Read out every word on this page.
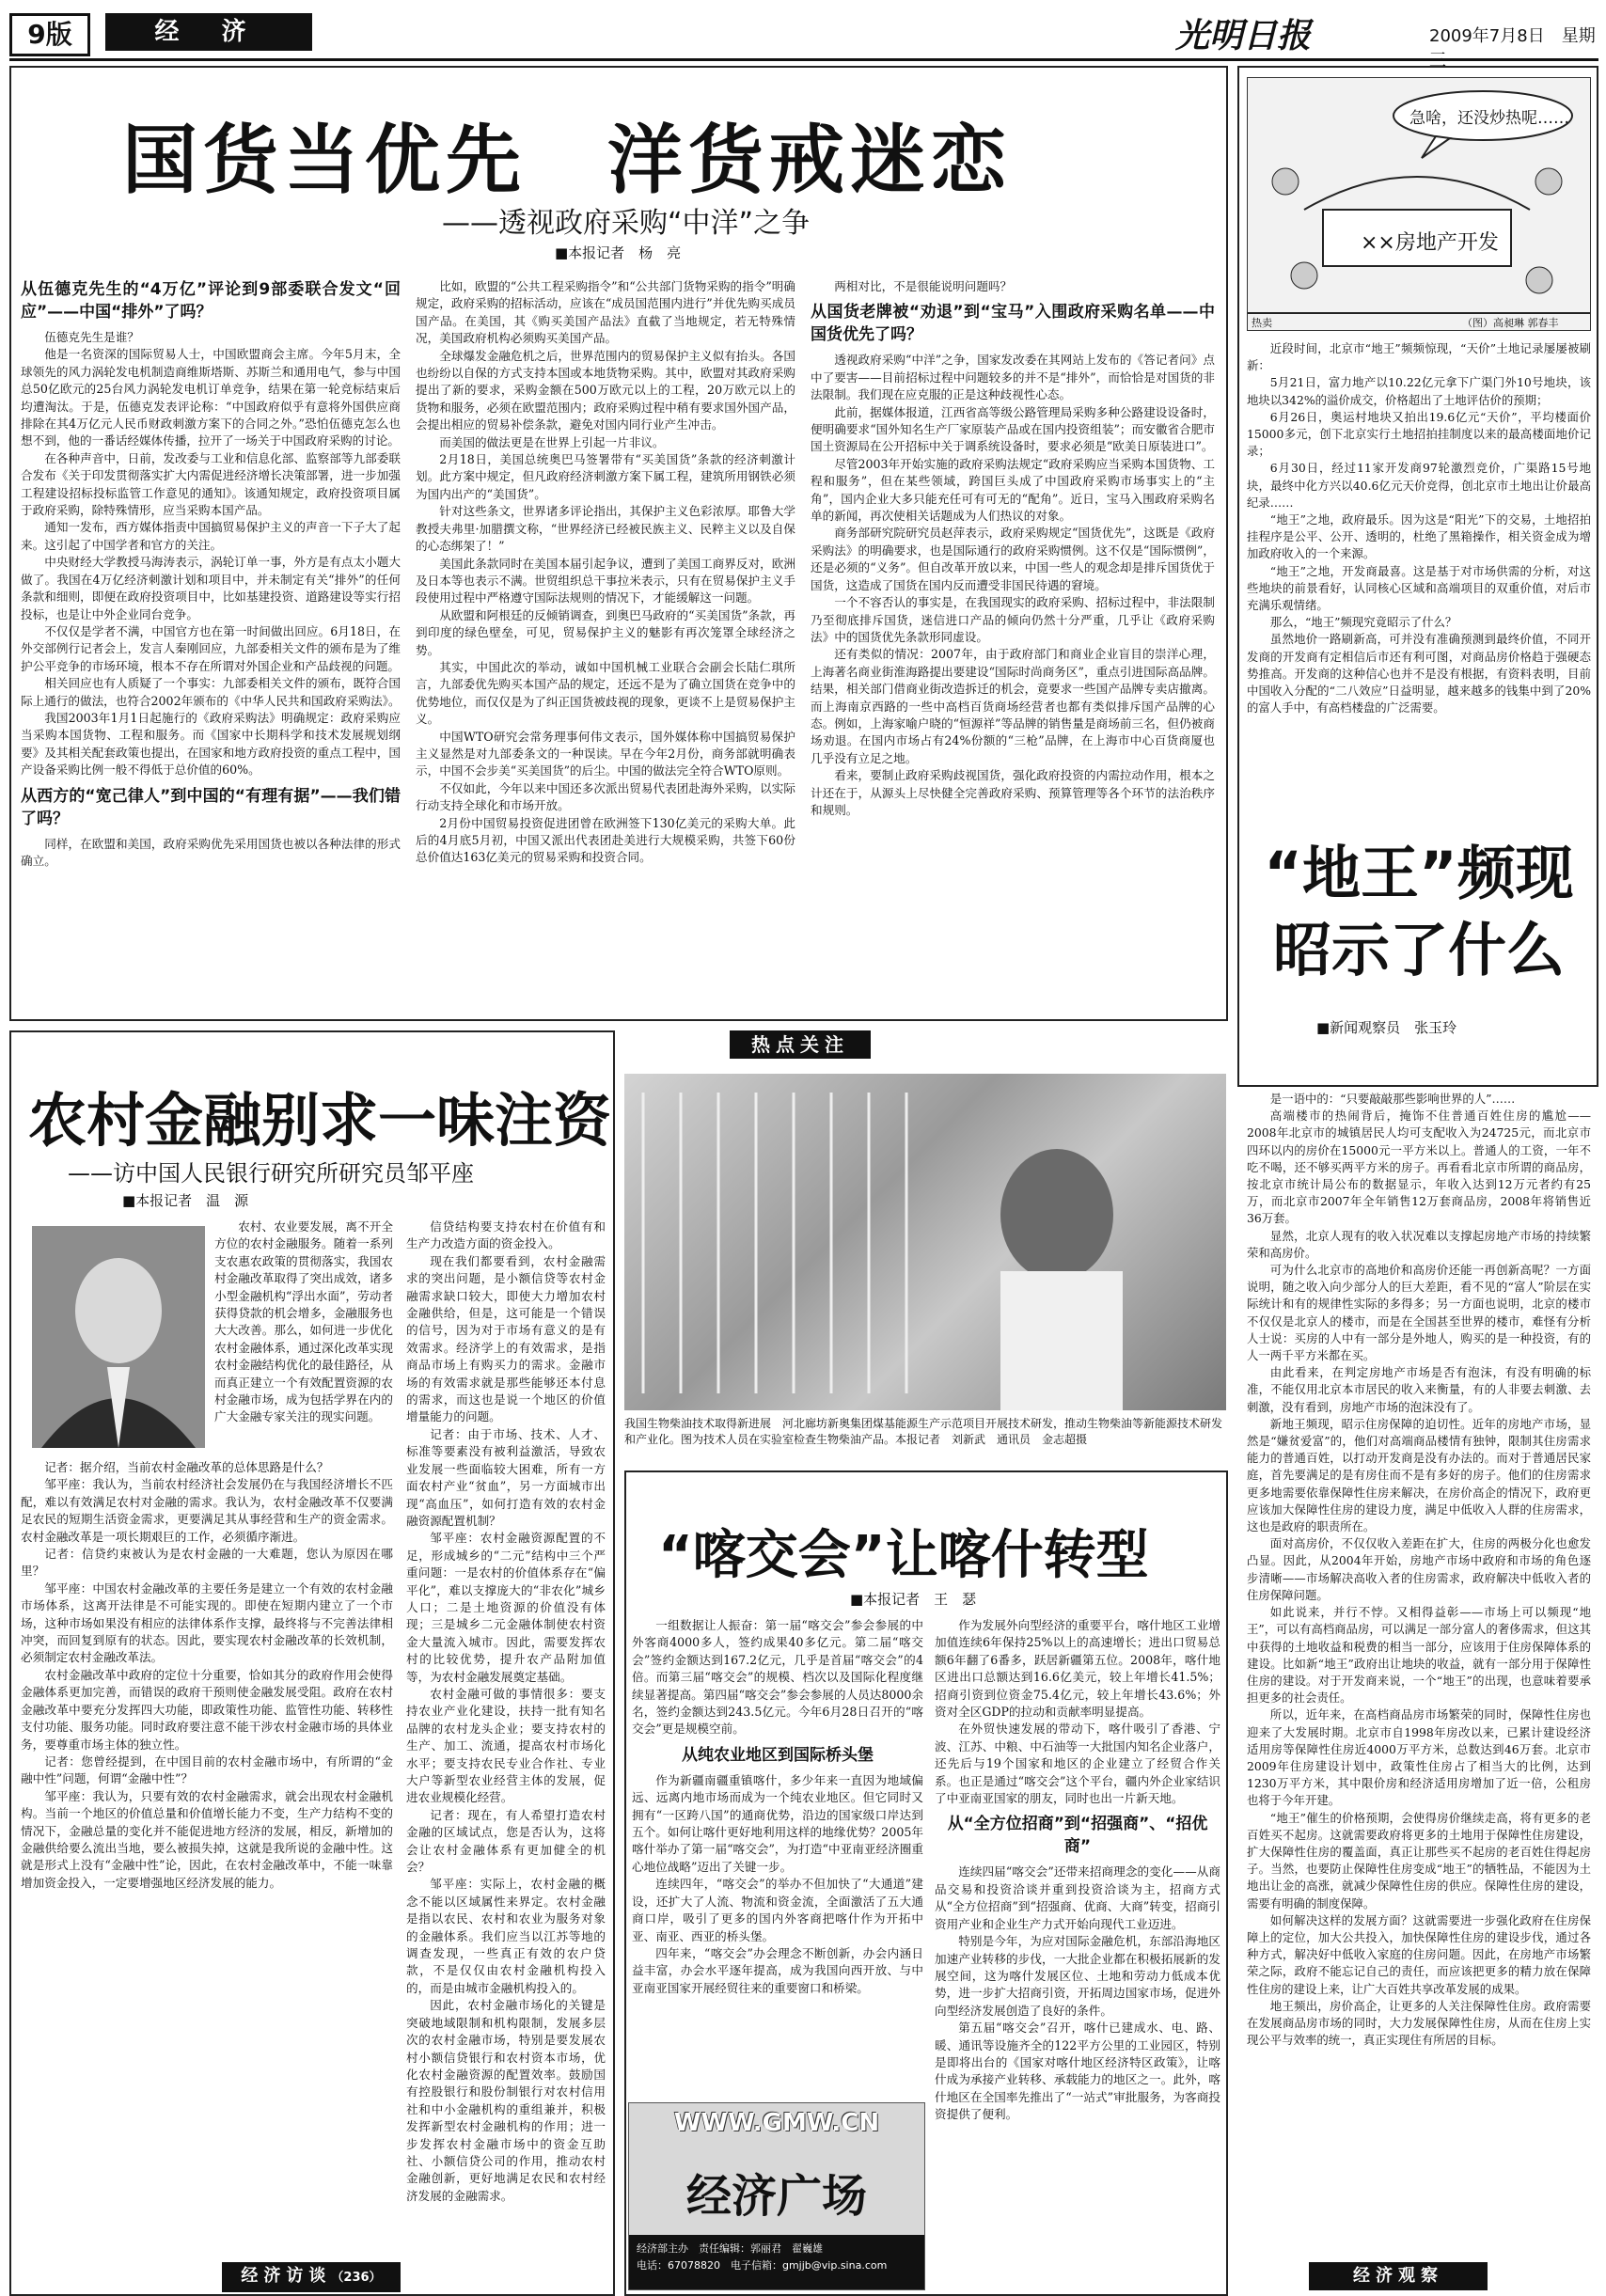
9版	经 济	光明日报	2009年7月8日　 星期
国货当优先　洋货戒迷恋
——透视政府采购“中洋”之争
■本报记者　杨　亮
从伍德克先生的“4万亿”评论到9部委联合发文“回应”——中国“排外”了吗？

伍德克先生是谁？

他是一名资深的国际贸易人士，中国欧盟商会主席。今年5月末，全球领先的风力涡轮发电机制造商维斯塔斯、苏斯兰和通用电气，参与中国总50亿欧元的25台风力涡轮发电机订单竞争，结果在第一轮竞标结束后均遭淘汰。于是，伍德克发表评论称：“中国政府似乎有意将外国供应商排除在其4万亿元人民币财政刺激方案下的合同之外。”恐怕伍德克怎么也想不到，他的一番话经媒体传播，拉开了一场关于中国政府采购的讨论。

在各种声音中，日前，发改委与工业和信息化部、监察部等九部委联合发布《关于印发贯彻落实扩大内需促进经济增长决策部署，进一步加强工程建设招标投标监管工作意见的通知》。该通知规定，政府投资项目属于政府采购，除特殊情形，应当采购本国产品。

通知一发布，西方媒体指责中国搞贸易保护主义的声音一下子大了起来。这引起了中国学者和官方的关注。

中央财经大学教授马海涛表示，涡轮订单一事，外方是有点太小题大做了。我国在4万亿经济刺激计划和项目中，并未制定有关“排外”的任何条款和细则，即便在政府投资项目中，比如基建投资、道路建设等实行招投标，也是让中外企业同台竞争。

不仅仅是学者不满，中国官方也在第一时间做出回应。6月18日，在外交部例行记者会上，发言人秦刚回应，九部委相关文件的颁布是为了维护公平竞争的市场环境，根本不存在所谓对外国企业和产品歧视的问题。

相关回应也有人质疑了一个事实：九部委相关文件的颁布，既符合国际上通行的做法，也符合2002年颁布的《中华人民共和国政府采购法》。

我国2003年1月1日起施行的《政府采购法》明确规定：政府采购应当采购本国货物、工程和服务。而《国家中长期科学和技术发展规划纲要》及其相关配套政策也提出，在国家和地方政府投资的重点工程中，国产设备采购比例一般不得低于总价值的60%。

从西方的“宽己律人”到中国的“有理有据”——我们错了吗？

同样，在欧盟和美国，政府采购优先采用国货也被以各种法律的形式确立。

比如，欧盟的“公共工程采购指令”和“公共部门货物采购的指令”明确规定，政府采购的招标活动，应该在“成员国范围内进行”并优先购买成员国产品。在美国，其《购买美国产品法》直截了当地规定，若无特殊情况，美国政府机构必须购买美国产品。

全球爆发金融危机之后，世界范围内的贸易保护主义似有抬头。各国也纷纷以自保的方式支持本国或本地货物采购。其中，欧盟对其政府采购提出了新的要求，采购金额在500万欧元以上的工程，20万欧元以上的货物和服务，必须在欧盟范围内；政府采购过程中稍有要求国外国产品，会提出相应的贸易补偿条款，避免对国内同行业产生冲击。

而美国的做法更是在世界上引起一片非议。

2月18日，美国总统奥巴马签署带有“买美国货”条款的经济刺激计划。此方案中规定，但凡政府经济刺激方案下属工程，建筑所用钢铁必须为国内出产的“美国货”。

针对这些条文，世界诸多评论指出，其保护主义色彩浓厚。耶鲁大学教授夫弗里·加腊撰文称，“世界经济已经被民族主义、民粹主义以及自保的心态绑架了！”

美国此条款同时在美国本届引起争议，遭到了美国工商界反对，欧洲及日本等也表示不满。世贸组织总干事拉米表示，只有在贸易保护主义手段使用过程中严格遵守国际法规则的情况下，才能缓解这一问题。

从欧盟和阿根廷的反倾销调查，到奥巴马政府的“买美国货”条款，再到印度的绿色壁垒，可见，贸易保护主义的魅影有再次笼罩全球经济之势。

其实，中国此次的举动，诚如中国机械工业联合会副会长陆仁琪所言，九部委优先购买本国产品的规定，还远不是为了确立国货在竞争中的优势地位，而仅仅是为了纠正国货被歧视的现象，更谈不上是贸易保护主义。

中国WTO研究会常务理事何伟文表示，国外媒体称中国搞贸易保护主义显然是对九部委条文的一种误读。早在今年2月份，商务部就明确表示，中国不会步美“买美国货”的后尘。中国的做法完全符合WTO原则。

不仅如此，今年以来中国还多次派出贸易代表团赴海外采购，以实际行动支持全球化和市场开放。

2月份中国贸易投资促进团曾在欧洲签下130亿美元的采购大单。此后的4月底5月初，中国又派出代表团赴美进行大规模采购，共签下60份总价值达163亿美元的贸易采购和投资合同。

两相对比，不是很能说明问题吗？

从国货老牌被“劝退”到“宝马”入围政府采购名单——中国货优先了吗？

透视政府采购“中洋”之争，国家发改委在其网站上发布的《答记者问》点中了要害——目前招标过程中问题较多的并不是“排外”，而恰恰是对国货的非法限制。我们现在应克服的正是这种歧视性心态。

此前，据媒体报道，江西省高等级公路管理局采购多种公路建设设备时，便明确要求“国外知名生产厂家原装产品或在国内投资组装”；而安徽省合肥市国土资源局在公开招标中关于调系统设备时，要求必须是“欧美日原装进口”。

尽管2003年开始实施的政府采购法规定“政府采购应当采购本国货物、工程和服务”，但在某些领域，跨国巨头成了中国政府采购市场事实上的“主角”，国内企业大多只能充任可有可无的“配角”。近日，宝马入围政府采购名单的新闻，再次使相关话题成为人们热议的对象。

商务部研究院研究员赵萍表示，政府采购规定“国货优先”，这既是《政府采购法》的明确要求，也是国际通行的政府采购惯例。这不仅是“国际惯例”，还是必须的“义务”。但自改革开放以来，中国一些人的观念却是排斥国货优于国货，这造成了国货在国内反而遭受非国民待遇的窘境。

一个不容否认的事实是，在我国现实的政府采购、招标过程中，非法限制乃至彻底排斥国货，迷信进口产品的倾向仍然十分严重，几乎让《政府采购法》中的国货优先条款形同虚设。

还有类似的情况：2007年，由于政府部门和商业企业盲目的崇洋心理，上海著名商业街淮海路提出要建设“国际时尚商务区”，重点引进国际高品牌。结果，相关部门借商业街改造拆迁的机会，竟要求一些国产品牌专卖店撤离。而上海南京西路的一些中高档百货商场经营者也都有类似排斥国产品牌的心态。例如，上海家喻户晓的“恒源祥”等品牌的销售量是商场前三名，但仍被商场劝退。在国内市场占有24%份额的“三枪”品牌，在上海市中心百货商厦也几乎没有立足之地。

看来，要制止政府采购歧视国货，强化政府投资的内需拉动作用，根本之计还在于，从源头上尽快健全完善政府采购、预算管理等各个环节的法治秩序和规则。

急啥，还没炒热呢……
××房地产开发
热卖	（图）高昶琳 郭春丰

近段时间，北京市“地王”频频惊现，“天价”土地记录屡屡被刷新：

5月21日，富力地产以10.22亿元拿下广渠门外10号地块，该地块以342%的溢价成交，价格超出了土地评估价的预期；

6月26日，奥运村地块又拍出19.6亿元“天价”，平均楼面价15000多元，创下北京实行土地招拍挂制度以来的最高楼面地价记录；

6月30日，经过11家开发商97轮激烈竞价，广渠路15号地块，最终中化方兴以40.6亿元天价竞得，创北京市土地出让价最高纪录……

“地王”之地，政府最乐。因为这是“阳光”下的交易，土地招拍挂程序是公平、公开、透明的，杜绝了黑箱操作，相关资金成为增加政府收入的一个来源。

“地王”之地，开发商最喜。这是基于对市场供需的分析，对这些地块的前景看好，认同核心区域和高端项目的双重价值，对后市充满乐观情绪。

那么，“地王”频现究竟昭示了什么？

虽然地价一路刷新高，可并没有准确预测到最终价值，不同开发商的开发商有定相信后市还有利可图，对商品房价格趋于强硬态势推高。开发商的这种信心也并不是没有根据，有资料表明，目前中国收入分配的“二八效应”日益明显，越来越多的钱集中到了20%的富人手中，有高档楼盘的广泛需要。

“地王”频现昭示了什么
■新闻观察员　张玉玲

是一语中的：“只要敲敲那些影响世界的人”……

高端楼市的热闹背后，掩饰不住普通百姓住房的尴尬——2008年北京市的城镇居民人均可支配收入为24725元，而北京市四环以内的房价在15000元一平方米以上。普通人的工资，一年不吃不喝，还不够买两平方米的房子。再看看北京市所谓的商品房，按北京市统计局公布的数据显示，年收入达到12万元者约有25万，而北京市2007年全年销售12万套商品房，2008年将销售近36万套。

显然，北京人现有的收入状况难以支撑起房地产市场的持续繁荣和高房价。

可为什么北京市的高地价和高房价还能一再创新高呢？一方面说明，随之收入向少部分人的巨大差距，看不见的“富人”阶层在实际统计和有的规律性实际的多得多；另一方面也说明，北京的楼市不仅仅是北京人的楼市，而是在全国甚至世界的楼市，难怪有分析人士说：买房的人中有一部分是外地人，购买的是一种投资，有的人一两千平方米都在买。

由此看来，在判定房地产市场是否有泡沫，有没有明确的标准，不能仅用北京本市居民的收入来衡量，有的人非要去刺激、去刺激，没有看到，房地产市场的泡沫没有了。

新地王频现，昭示住房保障的迫切性。近年的房地产市场，显然是“嫌贫爱富”的，他们对高端商品楼情有独钟，限制其住房需求能力的普通百姓，以打动开发商是没有办法的。而对于普通居民家庭，首先要满足的是有房住而不是有多好的房子。他们的住房需求更多地需要依靠保障性住房来解决，在房价高企的情况下，政府更应该加大保障性住房的建设力度，满足中低收入人群的住房需求，这也是政府的职责所在。

面对高房价，不仅仅收入差距在扩大，住房的两极分化也愈发凸显。因此，从2004年开始，房地产市场中政府和市场的角色逐步清晰——市场解决高收入者的住房需求，政府解决中低收入者的住房保障问题。

如此说来，并行不悖。又相得益彰——市场上可以频现“地王”，可以有高档商品房，可以满足一部分富人的奢侈需求，但这其中获得的土地收益和税费的相当一部分，应该用于住房保障体系的建设。比如新“地王”政府出让地块的收益，就有一部分用于保障性住房的建设。对于开发商来说，一个“地王”的出现，也意味着要承担更多的社会责任。

所以，近年来，在高档商品房市场繁荣的同时，保障性住房也迎来了大发展时期。北京市自1998年房改以来，已累计建设经济适用房等保障性住房近4000万平方米，总数达到46万套。北京市2009年住房建设计划中，政策性住房占了相当大的比例，达到1230万平方米，其中限价房和经济适用房增加了近一倍，公租房也将于今年开建。

“地王”催生的价格预期，会使得房价继续走高，将有更多的老百姓买不起房。这就需要政府将更多的土地用于保障性住房建设，扩大保障性住房的覆盖面，真正让那些买不起房的老百姓住得起房子。当然，也要防止保障性住房变成“地王”的牺牲品，不能因为土地出让金的高涨，就减少保障性住房的供应。保障性住房的建设，需要有明确的制度保障。

如何解决这样的发展方面？这就需要进一步强化政府在住房保障上的定位，加大公共投入，加快保障性住房的建设步伐，通过各种方式，解决好中低收入家庭的住房问题。因此，在房地产市场繁荣之际，政府不能忘记自己的责任，而应该把更多的精力放在保障性住房的建设上来，让广大百姓共享改革发展的成果。

地王频出，房价高企，让更多的人关注保障性住房。政府需要在发展商品房市场的同时，大力发展保障性住房，从而在住房上实现公平与效率的统一，真正实现住有所居的目标。

热点关注
我国生物柴油技术取得新进展　河北廊坊新奥集团煤基能源生产示范项目开展技术研发，推动生物柴油等新能源技术研发和产业化。图为技术人员在实验室检查生物柴油产品。本报记者　刘新武　通讯员　金志超摄
农村金融别求一味注资
——访中国人民银行研究所研究员邹平座
■本报记者　温　源

农村、农业要发展，离不开全方位的农村金融服务。随着一系列支农惠农政策的贯彻落实，我国农村金融改革取得了突出成效，诸多小型金融机构“浮出水面”，劳动者获得贷款的机会增多，金融服务也大大改善。那么，如何进一步优化农村金融体系，通过深化改革实现农村金融结构优化的最佳路径，从而真正建立一个有效配置资源的农村金融市场，成为包括学界在内的广大金融专家关注的现实问题。

记者：据介绍，当前农村金融改革的总体思路是什么？

邹平座：我认为，当前农村经济社会发展仍在与我国经济增长不匹配，难以有效满足农村对金融的需求。我认为，农村金融改革不仅要满足农民的短期生活资金需求，更要满足其从事经营和生产的资金需求。农村金融改革是一项长期艰巨的工作，必须循序渐进。

记者：信贷约束被认为是农村金融的一大难题，您认为原因在哪里？

邹平座：中国农村金融改革的主要任务是建立一个有效的农村金融市场体系，这离开法律是不可能实现的。即使在短期内建立了一个市场，这种市场如果没有相应的法律体系作支撑，最终将与不完善法律相冲突，而回复到原有的状态。因此，要实现农村金融改革的长效机制，必须制定农村金融改革法。

农村金融改革中政府的定位十分重要，恰如其分的政府作用会使得金融体系更加完善，而错误的政府干预则使金融发展受阻。政府在农村金融改革中要充分发挥四大功能，即政策性功能、监管性功能、转移性支付功能、服务功能。同时政府要注意不能干涉农村金融市场的具体业务，要尊重市场主体的独立性。

记者：您曾经提到，在中国目前的农村金融市场中，有所谓的“金融中性”问题，何谓“金融中性”？

邹平座：我认为，只要有效的农村金融需求，就会出现农村金融机构。当前一个地区的价值总量和价值增长能力不变，生产力结构不变的情况下，金融总量的变化并不能促进地方经济的发展，相反，新增加的金融供给要么流出当地，要么被损失掉，这就是我所说的金融中性。这就是形式上没有“金融中性”论，因此，在农村金融改革中，不能一味靠增加资金投入，一定要增强地区经济发展的能力。

信贷结构要支持农村在价值有和生产力改造方面的资金投入。

现在我们都要看到，农村金融需求的突出问题，是小额信贷等农村金融需求缺口较大，即使大力增加农村金融供给，但是，这可能是一个错误的信号，因为对于市场有意义的是有效需求。经济学上的有效需求，是指商品市场上有购买力的需求。金融市场的有效需求就是那些能够还本付息的需求，而这也是说一个地区的价值增量能力的问题。

记者：由于市场、技术、人才、标准等要素没有被利益激活，导致农业发展一些面临较大困难，所有一方面农村产业“贫血”，另一方面城市出现“高血压”，如何打造有效的农村金融资源配置机制？

邹平座：农村金融资源配置的不足，形成城乡的“二元”结构中三个严重问题：一是农村的价值体系存在“偏平化”，难以支撑庞大的“非农化”城乡人口；二是土地资源的价值没有体现；三是城乡二元金融体制使农村资金大量流入城市。因此，需要发挥农村的比较优势，提升农产品附加值等，为农村金融发展奠定基础。

农村金融可做的事情很多：要支持农业产业化建设，扶持一批有知名品牌的农村龙头企业；要支持农村的生产、加工、流通，提高农村市场化水平；要支持农民专业合作社、专业大户等新型农业经营主体的发展，促进农业规模化经营。

记者：现在，有人希望打造农村金融的区域试点，您是否认为，这将会让农村金融体系有更加健全的机会？

邹平座：实际上，农村金融的概念不能以区域属性来界定。农村金融是指以农民、农村和农业为服务对象的金融体系。我们应当以江苏等地的调查发现，一些真正有效的农户贷款，不是仅仅由农村金融机构投入的，而是由城市金融机构投入的。

因此，农村金融市场化的关键是突破地域限制和机构限制，发展多层次的农村金融市场，特别是要发展农村小额信贷银行和农村资本市场，优化农村金融资源的配置效率。鼓励国有控股银行和股份制银行对农村信用社和中小金融机构的重组兼并，积极发挥新型农村金融机构的作用；进一步发挥农村金融市场中的资金互助社、小额信贷公司的作用，推动农村金融创新，更好地满足农民和农村经济发展的金融需求。

经济访谈（236）
“喀交会”让喀什转型
■本报记者　王　瑟

一组数据让人振奋：第一届“喀交会”参会参展的中外客商4000多人，签约成果40多亿元。第二届“喀交会”签约金额达到167.2亿元，几乎是首届“喀交会”的4倍。而第三届“喀交会”的规模、档次以及国际化程度继续显著提高。第四届“喀交会”参会参展的人员达8000余名，签约金额达到243.5亿元。今年6月28日召开的“喀交会”更是规模空前。

从纯农业地区到国际桥头堡

作为新疆南疆重镇喀什，多少年来一直因为地域偏远、远离内地市场而成为一个纯农业地区。但它同时又拥有“一区跨八国”的通商优势，沿边的国家级口岸达到五个。如何让喀什更好地利用这样的地缘优势？2005年喀什举办了第一届“喀交会”，为打造“中亚南亚经济圈重心地位战略”迈出了关键一步。

连续四年，“喀交会”的举办不但加快了“大通道”建设，还扩大了人流、物流和资金流，全面激活了五大通商口岸，吸引了更多的国内外客商把喀什作为开拓中亚、南亚、西亚的桥头堡。

四年来，“喀交会”办会理念不断创新，办会内涵日益丰富，办会水平逐年提高，成为我国向西开放、与中亚南亚国家开展经贸往来的重要窗口和桥梁。

作为发展外向型经济的重要平台，喀什地区工业增加值连续6年保持25%以上的高速增长；进出口贸易总额6年翻了6番多，跃居新疆第五位。2008年，喀什地区进出口总额达到16.6亿美元，较上年增长41.5%；招商引资到位资金75.4亿元，较上年增长43.6%；外资对全区GDP的拉动和贡献率明显提高。

在外贸快速发展的带动下，喀什吸引了香港、宁波、江苏、中粮、中石油等一大批国内知名企业落户，还先后与19个国家和地区的企业建立了经贸合作关系。也正是通过“喀交会”这个平台，疆内外企业家结识了中亚南亚国家的朋友，同时也出一片新天地。

从“全方位招商”到“招强商”、“招优商”

连续四届“喀交会”还带来招商理念的变化——从商品交易和投资洽谈并重到投资洽谈为主，招商方式从“全方位招商”到“招强商、优商、大商”转变，招商引资用产业和企业生产力式开始向现代工业迈进。

特别是今年，为应对国际金融危机，东部沿海地区加速产业转移的步伐，一大批企业都在积极拓展新的发展空间，这为喀什发展区位、土地和劳动力低成本优势，进一步扩大招商引资，开拓周边国家市场，促进外向型经济发展创造了良好的条件。

第五届“喀交会”召开，喀什已建成水、电、路、暖、通讯等设施齐全的122平方公里的工业园区，特别是即将出台的《国家对喀什地区经济特区政策》，让喀什成为承接产业转移、承载能力的地区之一。此外，喀什地区在全国率先推出了“一站式”审批服务，为客商投资提供了便利。

WWW.GMW.CN
经济广场
经济部主办　责任编辑：郭丽君　翟巍雄
电话：67078820　电子信箱：gmjjb@vip.sina.com
经济观察
